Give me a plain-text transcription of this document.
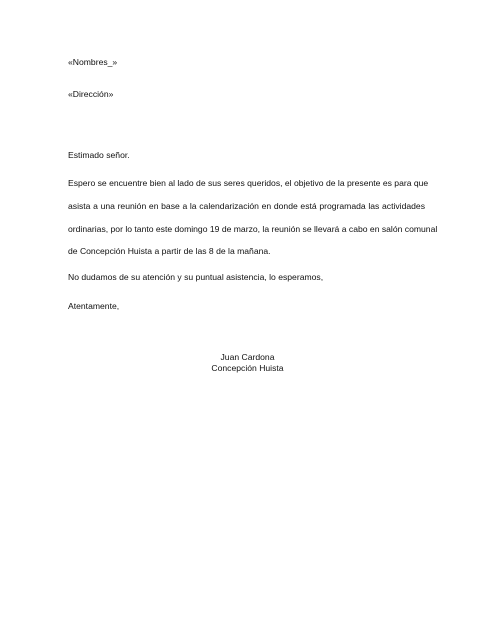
«Nombres_»
«Dirección»
Estimado señor.
Espero se encuentre bien al lado de sus seres queridos, el objetivo de la presente es para que
asista a una reunión en base a la calendarización en donde está programada las actividades
ordinarias, por lo tanto este domingo 19 de marzo, la reunión se llevará a cabo en salón comunal
de Concepción Huista a partir de las 8 de la mañana.
No dudamos de su atención y su puntual asistencia, lo esperamos,
Atentamente,
Juan Cardona
Concepción Huista
